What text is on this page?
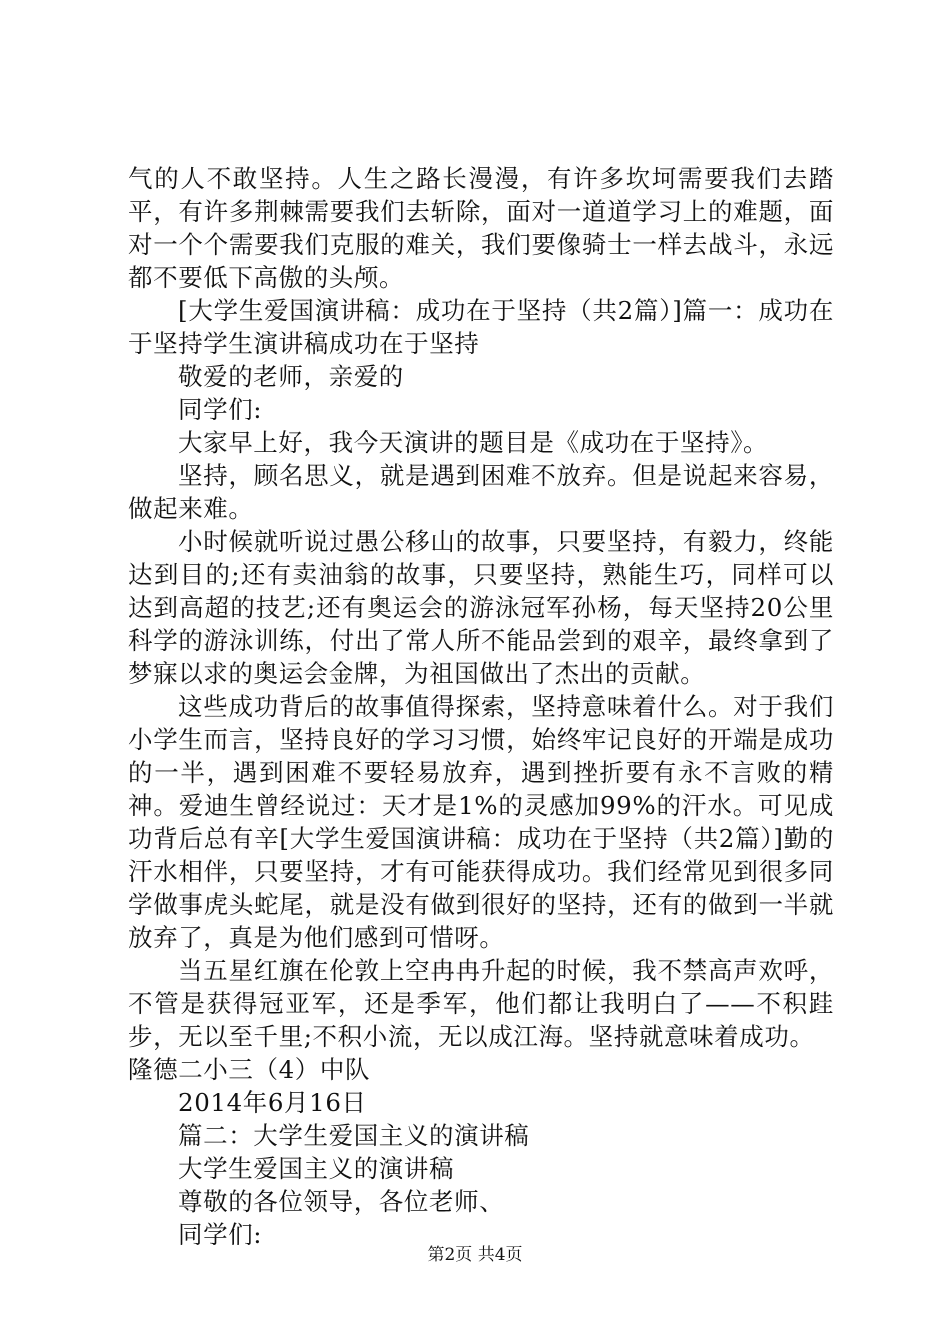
气的人不敢坚持。人生之路长漫漫，有许多坎坷需要我们去踏平，有许多荆棘需要我们去斩除，面对一道道学习上的难题，面对一个个需要我们克服的难关，我们要像骑士一样去战斗，永远都不要低下高傲的头颅。

[大学生爱国演讲稿：成功在于坚持（共2篇）]篇一：成功在于坚持学生演讲稿成功在于坚持

敬爱的老师，亲爱的

同学们:

大家早上好，我今天演讲的题目是《成功在于坚持》。

坚持，顾名思义，就是遇到困难不放弃。但是说起来容易，做起来难。

小时候就听说过愚公移山的故事，只要坚持，有毅力，终能达到目的;还有卖油翁的故事，只要坚持，熟能生巧，同样可以达到高超的技艺;还有奥运会的游泳冠军孙杨，每天坚持20公里科学的游泳训练，付出了常人所不能品尝到的艰辛，最终拿到了梦寐以求的奥运会金牌，为祖国做出了杰出的贡献。

这些成功背后的故事值得探索，坚持意味着什么。对于我们小学生而言，坚持良好的学习习惯，始终牢记良好的开端是成功的一半，遇到困难不要轻易放弃，遇到挫折要有永不言败的精神。爱迪生曾经说过：天才是1%的灵感加99%的汗水。可见成功背后总有辛[大学生爱国演讲稿：成功在于坚持（共2篇）]勤的汗水相伴，只要坚持，才有可能获得成功。我们经常见到很多同学做事虎头蛇尾，就是没有做到很好的坚持，还有的做到一半就放弃了，真是为他们感到可惜呀。

当五星红旗在伦敦上空冉冉升起的时候，我不禁高声欢呼，不管是获得冠亚军，还是季军，他们都让我明白了——不积跬步，无以至千里;不积小流，无以成江海。坚持就意味着成功。

隆德二小三（4）中队

2014年6月16日

篇二：大学生爱国主义的演讲稿

大学生爱国主义的演讲稿

尊敬的各位领导，各位老师、

同学们:

第2页 共4页
